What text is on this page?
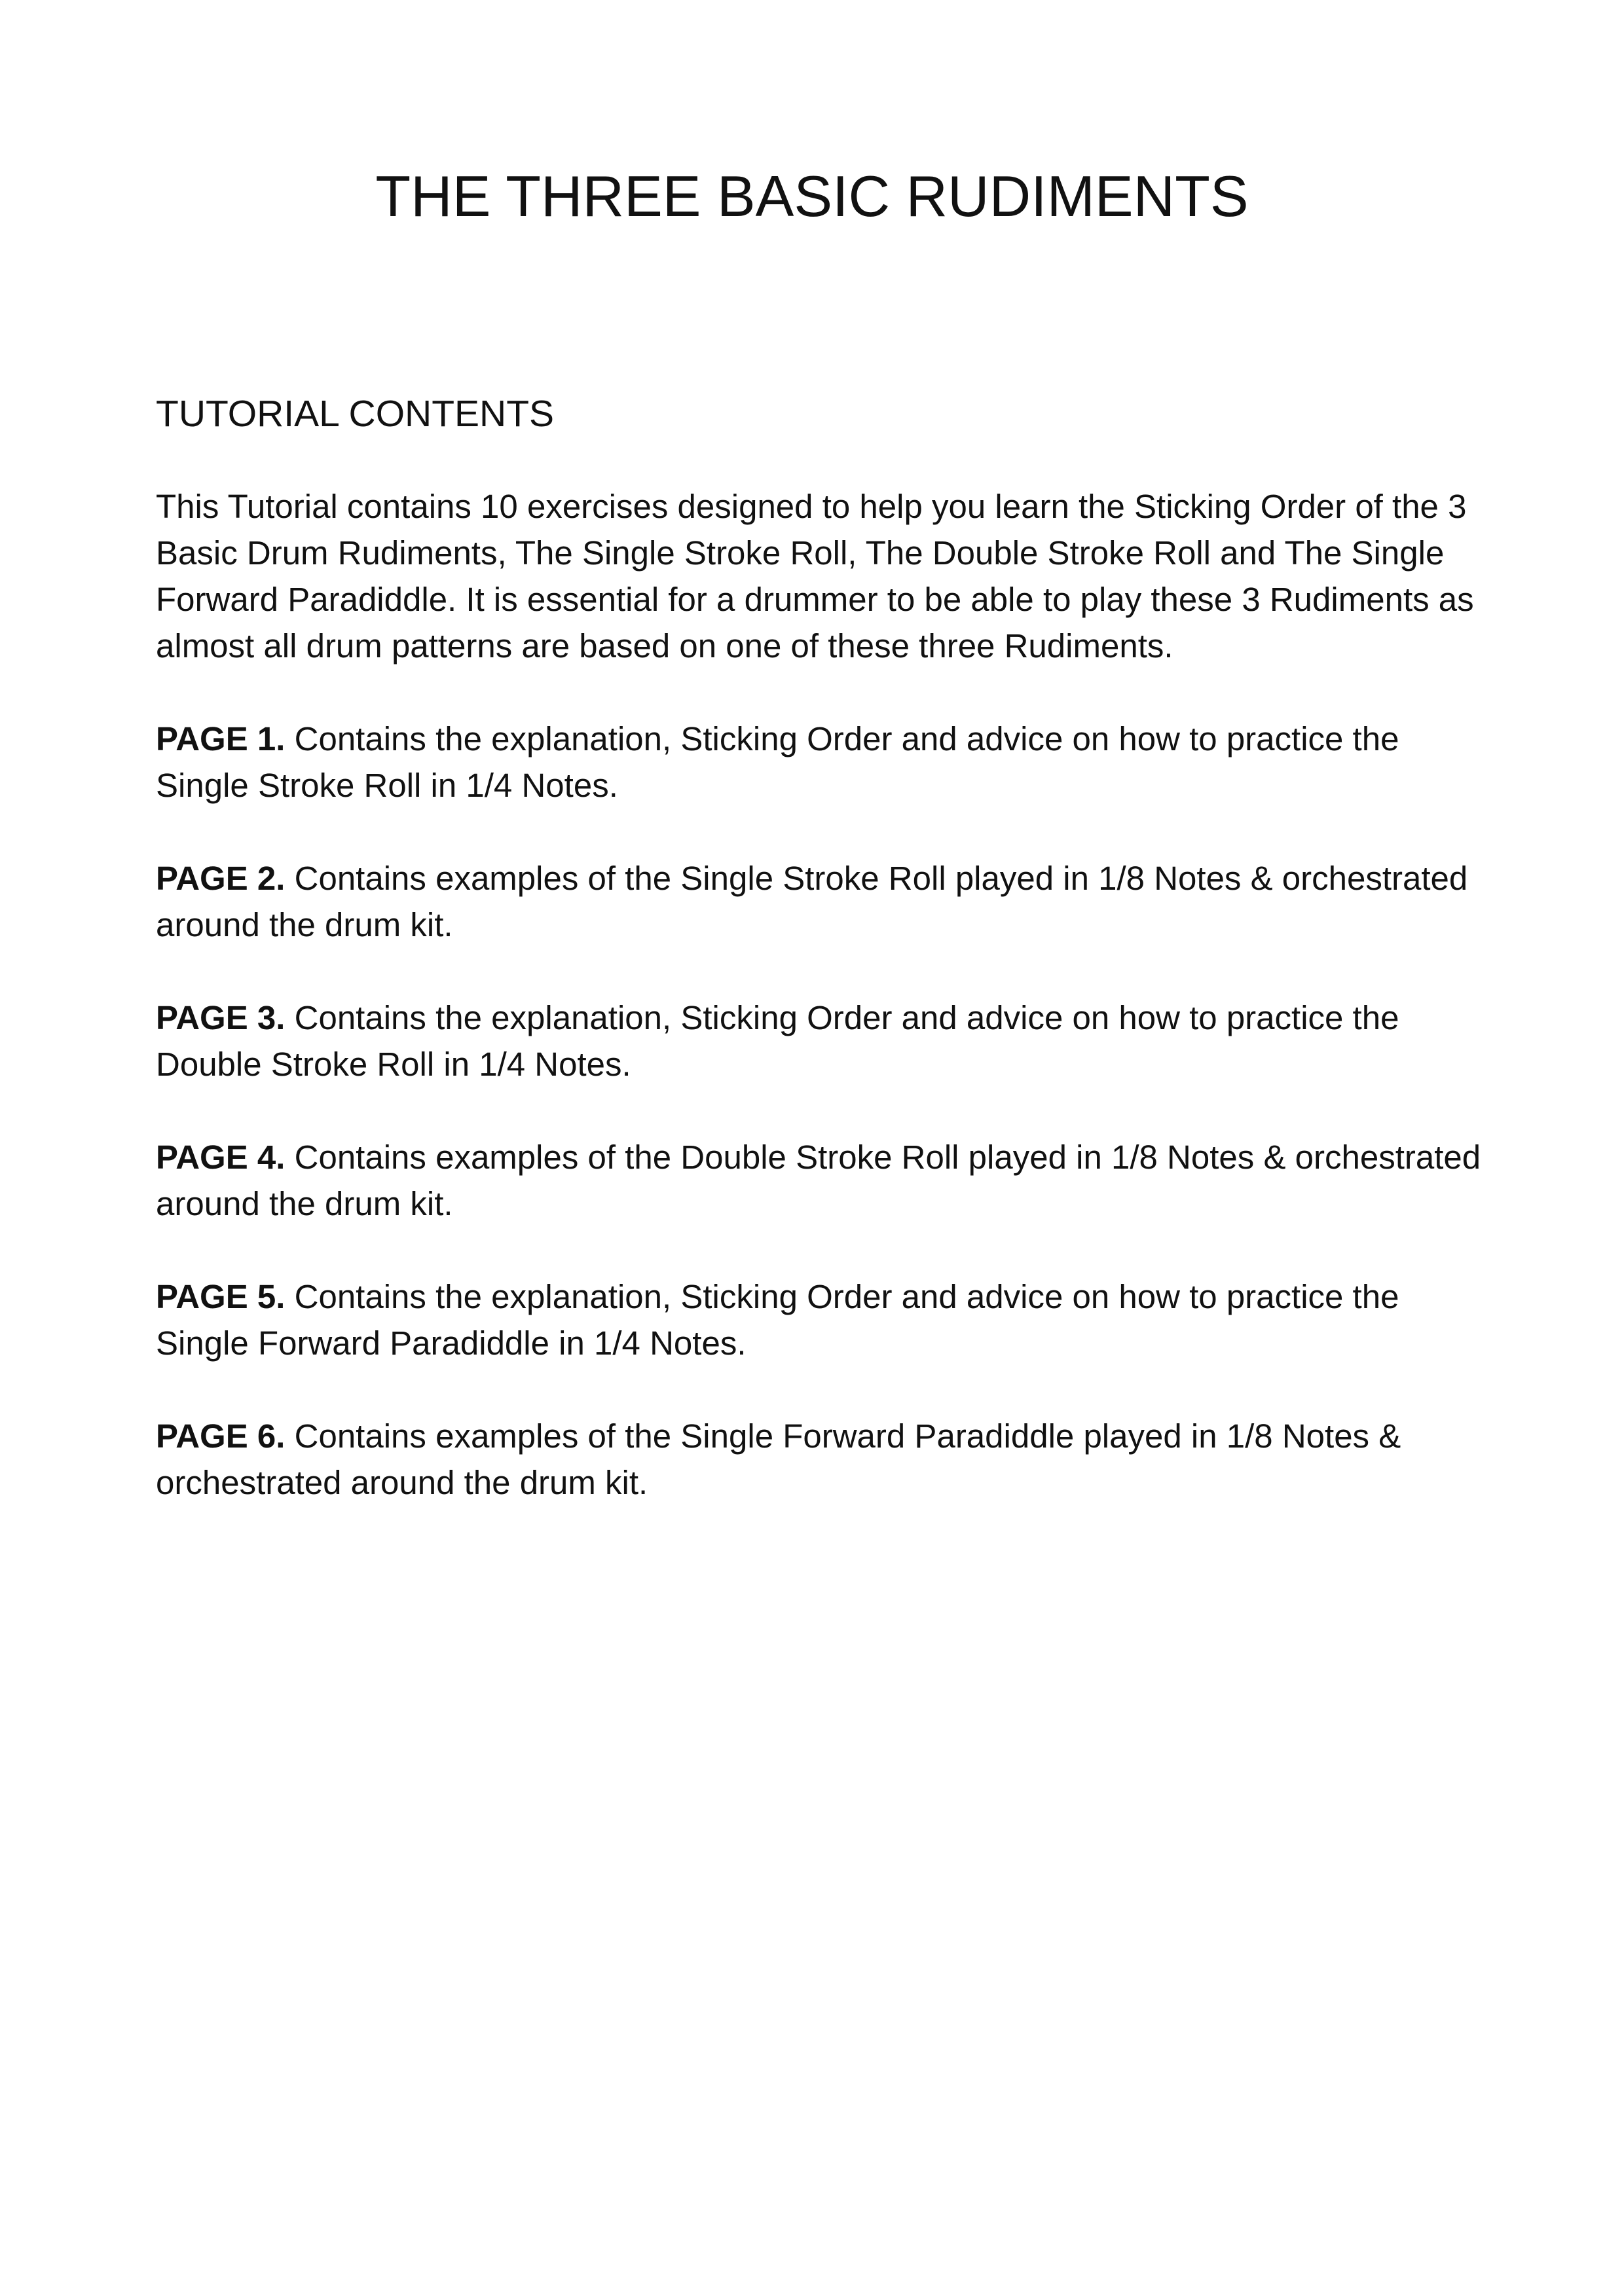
THE THREE BASIC RUDIMENTS
TUTORIAL CONTENTS

This Tutorial contains 10 exercises designed to help you learn the Sticking Order of the 3 Basic Drum Rudiments, The Single Stroke Roll, The Double Stroke Roll and The Single Forward Paradiddle. It is essential for a drummer to be able to play these 3 Rudiments as almost all drum patterns are based on one of these three Rudiments.

PAGE 1. Contains the explanation, Sticking Order and advice on how to practice the Single Stroke Roll in 1/4 Notes.

PAGE 2. Contains examples of the Single Stroke Roll played in 1/8 Notes & orchestrated around the drum kit.

PAGE 3. Contains the explanation, Sticking Order and advice on how to practice the Double Stroke Roll in 1/4 Notes.

PAGE 4. Contains examples of the Double Stroke Roll played in 1/8 Notes & orchestrated around the drum kit.

PAGE 5. Contains the explanation, Sticking Order and advice on how to practice the Single Forward Paradiddle in 1/4 Notes.

PAGE 6. Contains examples of the Single Forward Paradiddle played in 1/8 Notes & orchestrated around the drum kit.
